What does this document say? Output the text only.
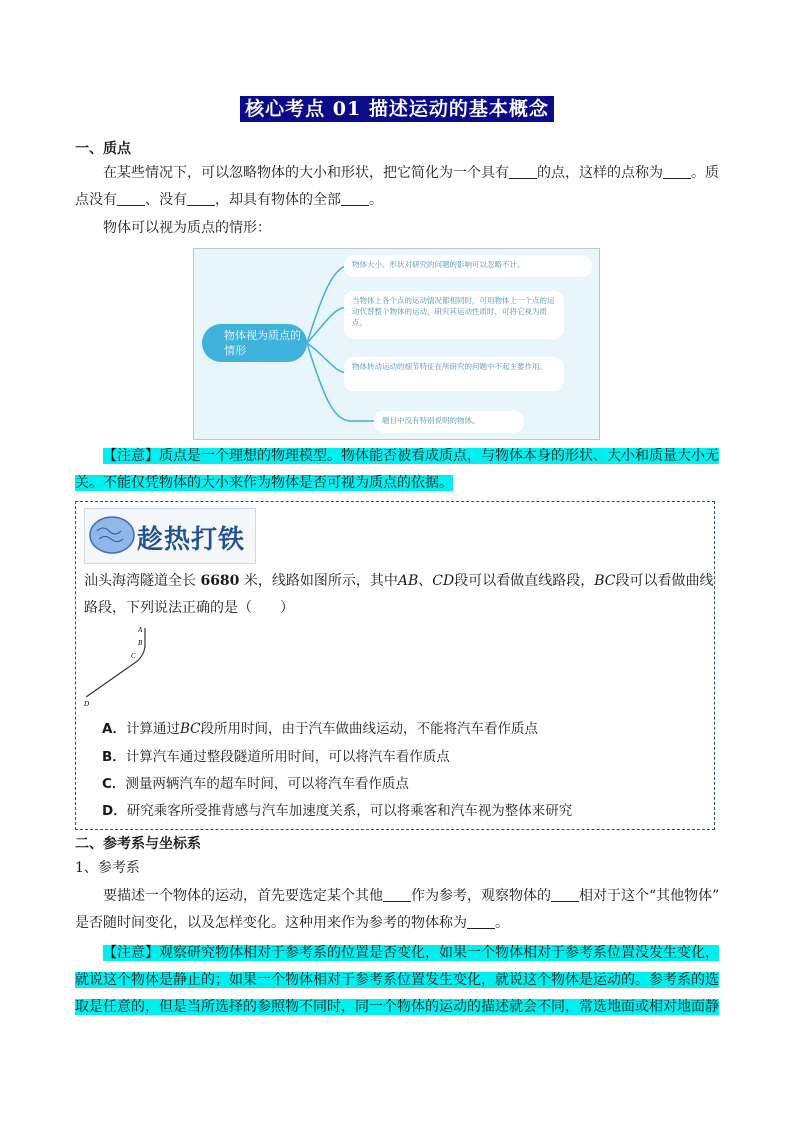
核心考点 01 描述运动的基本概念
一、质点
在某些情况下，可以忽略物体的大小和形状，把它简化为一个具有 的点，这样的点称为 。质
点没有 、没有 ，却具有物体的全部 。
物体可以视为质点的情形：
物体视为质点的情形
物体大小、形状对研究的问题的影响可以忽略不计。
当物体上各个点的运动情况都相同时，可用物体上一个点的运动代替整个物体的运动，研究其运动性质时，可将它视为质点。
物体转动运动的细节特征在所研究的问题中不起主要作用。
题目中没有特别说明的物体。
【注意】质点是一个理想的物理模型。物体能否被看成质点，与物体本身的形状、大小和质量大小无
关。不能仅凭物体的大小来作为物体是否可视为质点的依据。
趁热打铁
汕头海湾隧道全长 6680 米，线路如图所示，其中AB、CD段可以看做直线路段，BC段可以看做曲线
路段，下列说法正确的是（　　）
A
B
C
D
A．计算通过BC段所用时间，由于汽车做曲线运动，不能将汽车看作质点
B．计算汽车通过整段隧道所用时间，可以将汽车看作质点
C．测量两辆汽车的超车时间，可以将汽车看作质点
D．研究乘客所受推背感与汽车加速度关系，可以将乘客和汽车视为整体来研究
二、参考系与坐标系
1、参考系
要描述一个物体的运动，首先要选定某个其他 作为参考，观察物体的 相对于这个“其他物体”
是否随时间变化，以及怎样变化。这种用来作为参考的物体称为 。
【注意】观察研究物体相对于参考系的位置是否变化，如果一个物体相对于参考系位置没发生变化，
就说这个物体是静止的；如果一个物体相对于参考系位置发生变化，就说这个物体是运动的。参考系的选
取是任意的，但是当所选择的参照物不同时，同一个物体的运动的描述就会不同，常选地面或相对地面静
